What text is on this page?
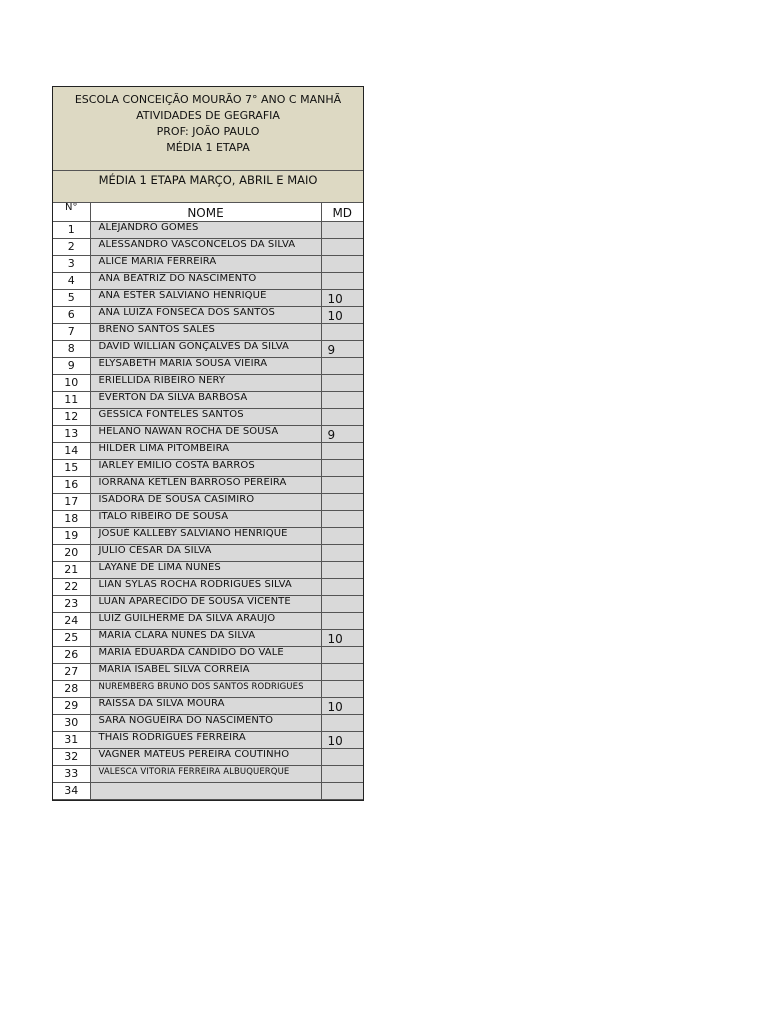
ESCOLA CONCEIÇÃO MOURÃO 7° ANO C MANHÃ
ATIVIDADES DE GEGRAFIA
PROF: JOÃO PAULO
MÉDIA 1 ETAPA
MÉDIA 1 ETAPA MARÇO, ABRIL E MAIO
N°	NOME	MD
1	ALEJANDRO GOMES	
2	ALESSANDRO VASCONCELOS DA SILVA	
3	ALICE MARIA FERREIRA	
4	ANA BEATRIZ DO NASCIMENTO	
5	ANA ESTER SALVIANO HENRIQUE	10
6	ANA LUIZA FONSECA DOS SANTOS	10
7	BRENO SANTOS SALES	
8	DAVID WILLIAN GONÇALVES DA SILVA	9
9	ELYSABETH MARIA SOUSA VIEIRA	
10	ERIELLIDA RIBEIRO NERY	
11	EVERTON DA SILVA BARBOSA	
12	GESSICA FONTELES SANTOS	
13	HELANO NAWAN ROCHA DE SOUSA	9
14	HILDER LIMA PITOMBEIRA	
15	IARLEY EMILIO COSTA BARROS	
16	IORRANA KETLEN BARROSO PEREIRA	
17	ISADORA DE SOUSA CASIMIRO	
18	ITALO RIBEIRO DE SOUSA	
19	JOSUÉ KALLEBY SALVIANO HENRIQUE	
20	JULIO CÉSAR DA SILVA	
21	LAYANE DE LIMA NUNES	
22	LIAN SYLAS ROCHA RODRIGUES SILVA	
23	LUAN APARECIDO DE SOUSA VICENTE	
24	LUIZ GUILHERME DA SILVA ARAUJO	
25	MARIA CLARA NUNES DA SILVA	10
26	MARIA EDUARDA CANDIDO DO VALE	
27	MARIA ISABEL SILVA CORREIA	
28	NUREMBERG BRUNO DOS SANTOS RODRIGUES	
29	RAISSA DA SILVA MOURA	10
30	SARA NOGUEIRA DO NASCIMENTO	
31	THAIS RODRIGUES FERREIRA	10
32	VAGNER MATEUS PEREIRA COUTINHO	
33	VALESCA VITORIA FERREIRA ALBUQUERQUE	
34		
